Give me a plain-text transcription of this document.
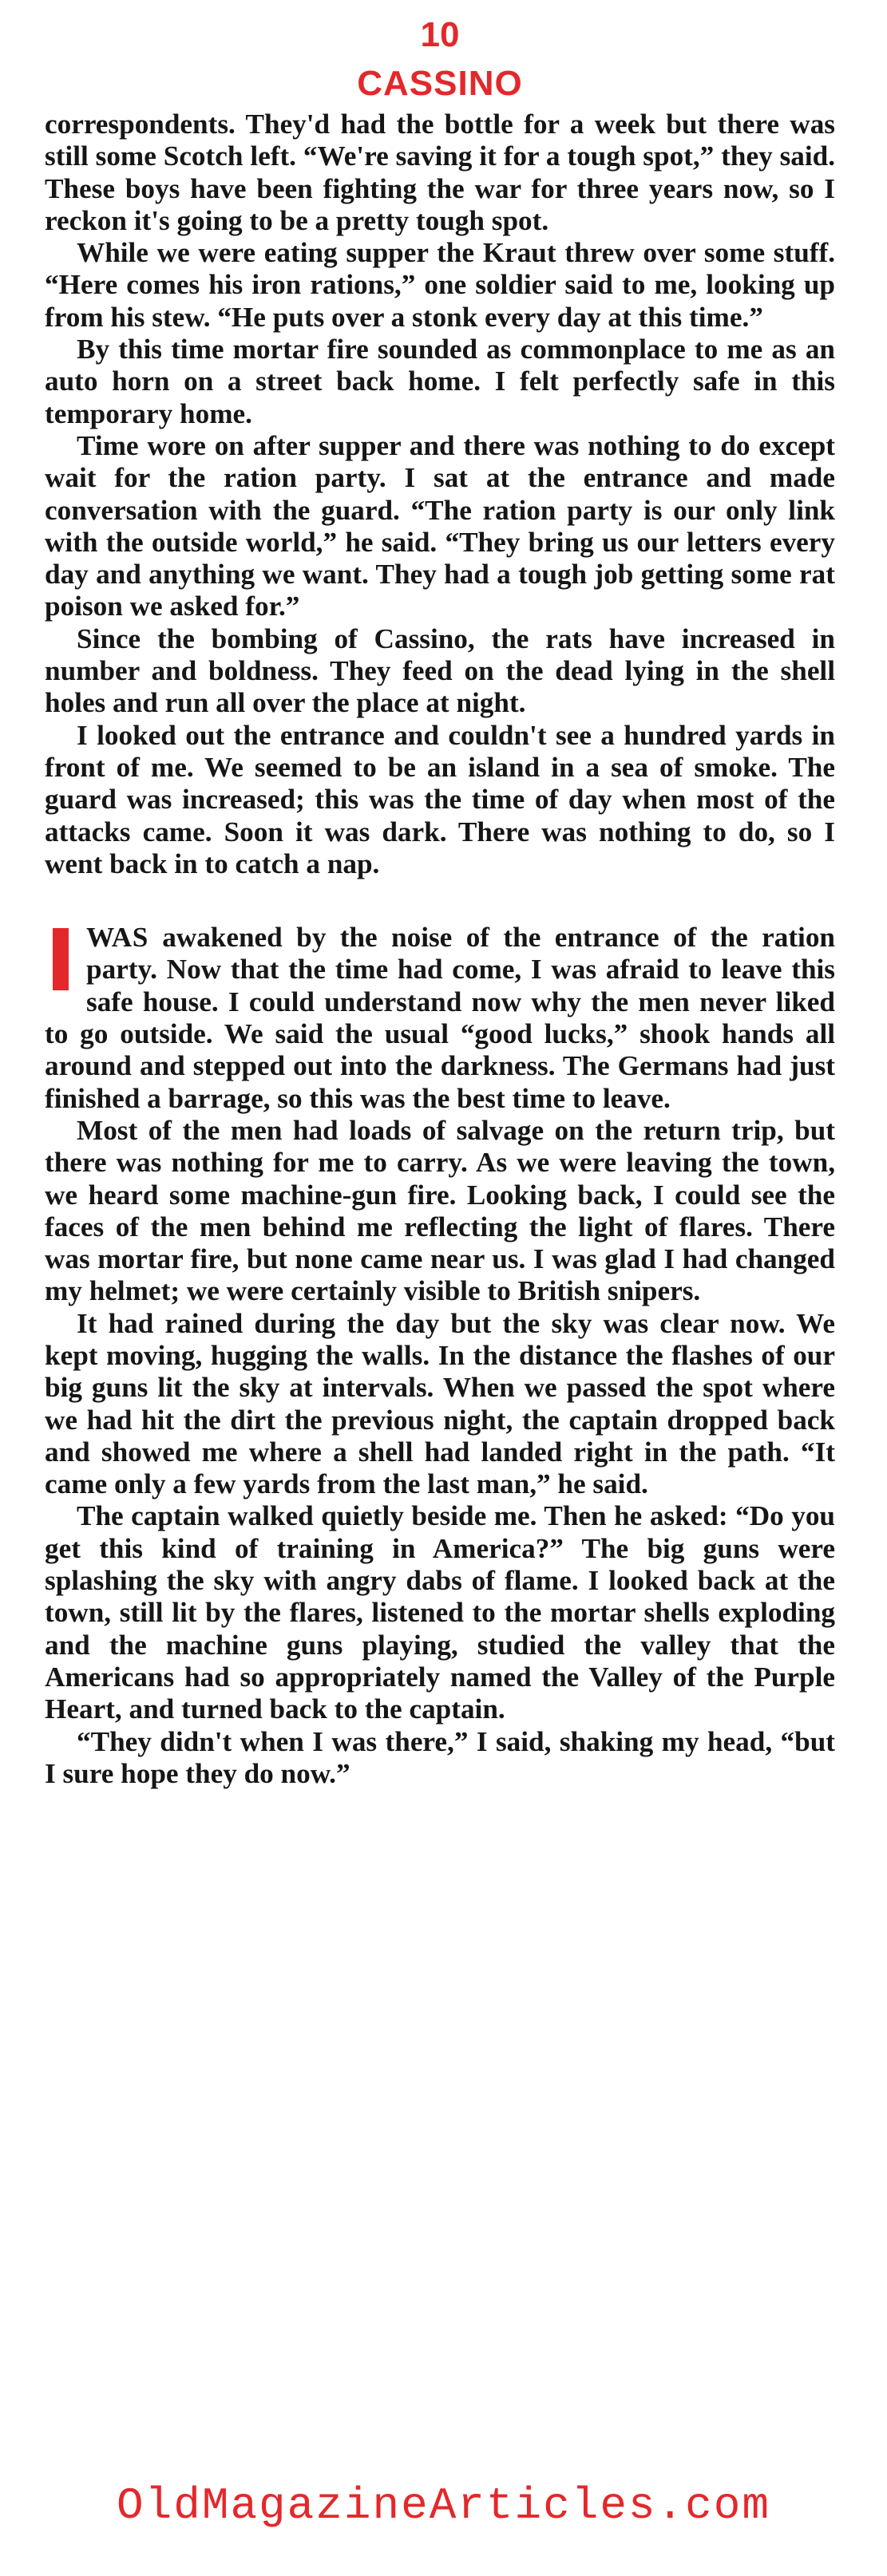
10
CASSINO

correspondents. They'd had the bottle for a week but there was still some Scotch left. “We're saving it for a tough spot,” they said. These boys have been fighting the war for three years now, so I reckon it's going to be a pretty tough spot.

While we were eating supper the Kraut threw over some stuff. “Here comes his iron rations,” one soldier said to me, looking up from his stew. “He puts over a stonk every day at this time.”

By this time mortar fire sounded as commonplace to me as an auto horn on a street back home. I felt perfectly safe in this temporary home.

Time wore on after supper and there was nothing to do except wait for the ration party. I sat at the entrance and made conversation with the guard. “The ration party is our only link with the outside world,” he said. “They bring us our letters every day and anything we want. They had a tough job getting some rat poison we asked for.”

Since the bombing of Cassino, the rats have increased in number and boldness. They feed on the dead lying in the shell holes and run all over the place at night.

I looked out the entrance and couldn't see a hundred yards in front of me. We seemed to be an island in a sea of smoke. The guard was increased; this was the time of day when most of the attacks came. Soon it was dark. There was nothing to do, so I went back in to catch a nap.

WAS awakened by the noise of the entrance of the ration party. Now that the time had come, I was afraid to leave this safe house. I could understand now why the men never liked to go outside. We said the usual “good lucks,” shook hands all around and stepped out into the darkness. The Germans had just finished a barrage, so this was the best time to leave.

Most of the men had loads of salvage on the return trip, but there was nothing for me to carry. As we were leaving the town, we heard some machine-gun fire. Looking back, I could see the faces of the men behind me reflecting the light of flares. There was mortar fire, but none came near us. I was glad I had changed my helmet; we were certainly visible to British snipers.

It had rained during the day but the sky was clear now. We kept moving, hugging the walls. In the distance the flashes of our big guns lit the sky at intervals. When we passed the spot where we had hit the dirt the previous night, the captain dropped back and showed me where a shell had landed right in the path. “It came only a few yards from the last man,” he said.

The captain walked quietly beside me. Then he asked: “Do you get this kind of training in America?” The big guns were splashing the sky with angry dabs of flame. I looked back at the town, still lit by the flares, listened to the mortar shells exploding and the machine guns playing, studied the valley that the Americans had so appropriately named the Valley of the Purple Heart, and turned back to the captain.

“They didn't when I was there,” I said, shaking my head, “but I sure hope they do now.”

OldMagazineArticles.com
